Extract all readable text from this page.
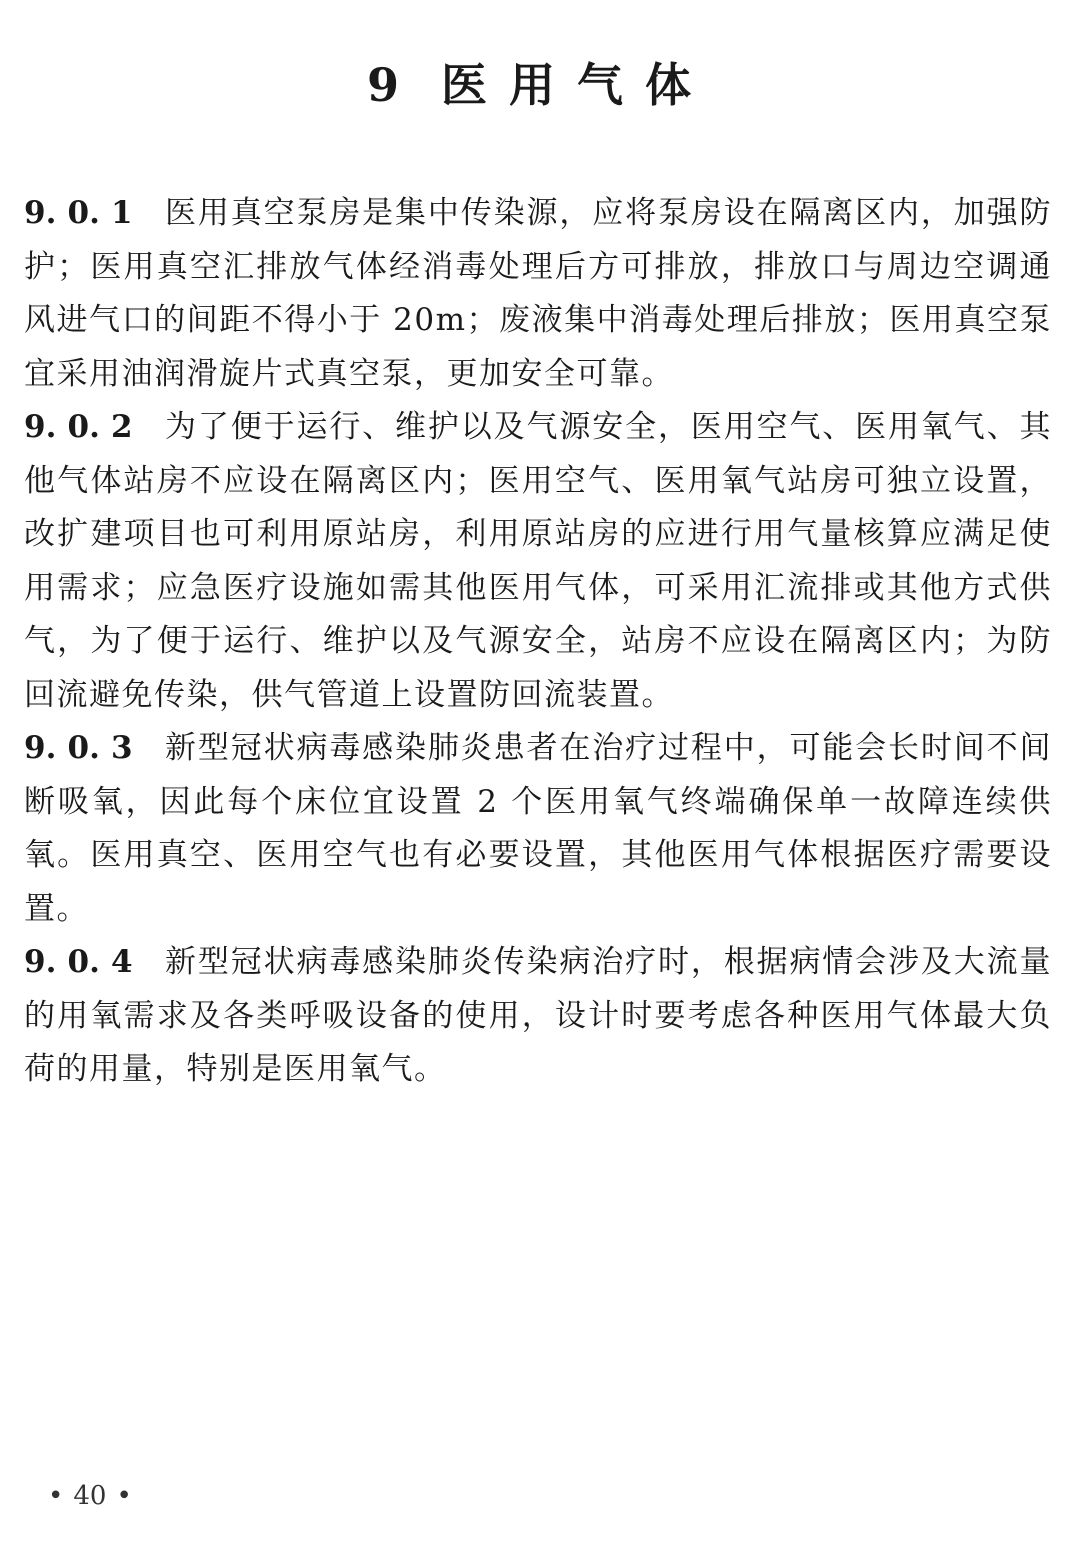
9 医用气体

9. 0. 1 医用真空泵房是集中传染源，应将泵房设在隔离区内，加强防护；医用真空汇排放气体经消毒处理后方可排放，排放口与周边空调通风进气口的间距不得小于 20m；废液集中消毒处理后排放；医用真空泵宜采用油润滑旋片式真空泵，更加安全可靠。

9. 0. 2 为了便于运行、维护以及气源安全，医用空气、医用氧气、其他气体站房不应设在隔离区内；医用空气、医用氧气站房可独立设置，改扩建项目也可利用原站房，利用原站房的应进行用气量核算应满足使用需求；应急医疗设施如需其他医用气体，可采用汇流排或其他方式供气，为了便于运行、维护以及气源安全，站房不应设在隔离区内；为防回流避免传染，供气管道上设置防回流装置。

9. 0. 3 新型冠状病毒感染肺炎患者在治疗过程中，可能会长时间不间断吸氧，因此每个床位宜设置 2 个医用氧气终端确保单一故障连续供氧。医用真空、医用空气也有必要设置，其他医用气体根据医疗需要设置。

9. 0. 4 新型冠状病毒感染肺炎传染病治疗时，根据病情会涉及大流量的用氧需求及各类呼吸设备的使用，设计时要考虑各种医用气体最大负荷的用量，特别是医用氧气。

• 40 •
